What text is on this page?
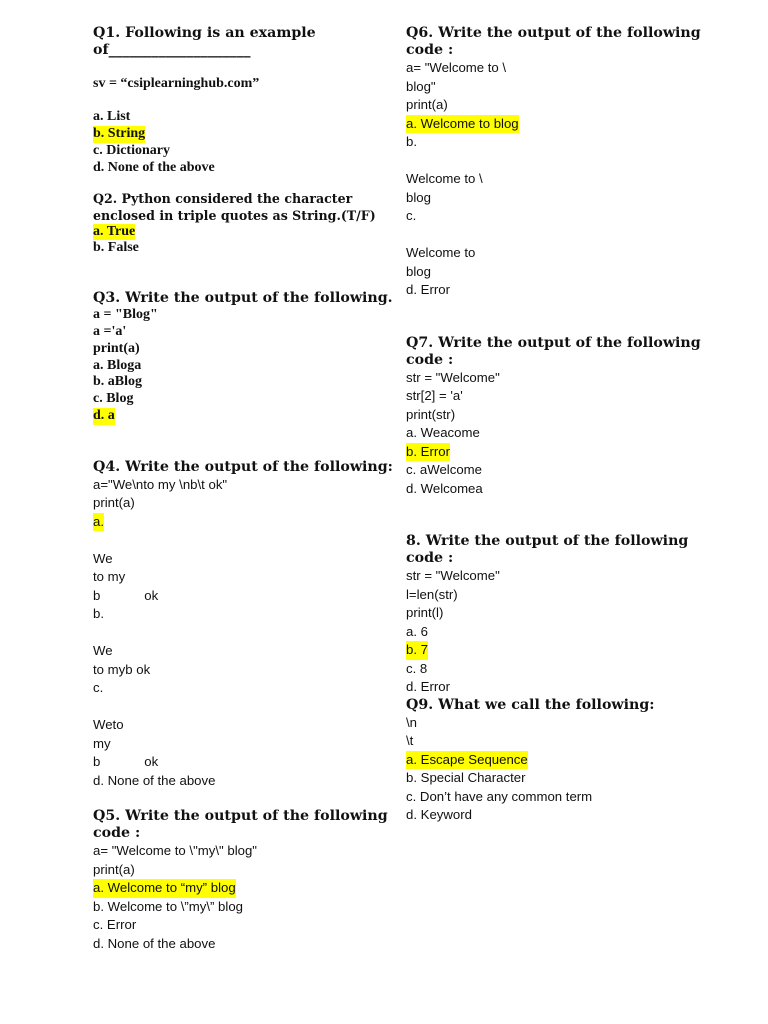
Q1. Following is an example
of____________________
sv = “csiplearninghub.com”
a. List
b. String
c. Dictionary
d. None of the above
Q2. Python considered the character
enclosed in triple quotes as String.(T/F)
a. True
b. False
Q3. Write the output of the following.
a = "Blog"
a ='a'
print(a)
a. Bloga
b. aBlog
c. Blog
d. a
Q4. Write the output of the following:
a="We\nto my \nb\t ok"
print(a)
a.
We
to my
b            ok
b.
We
to myb ok
c.
Weto
my
b            ok
d. None of the above
Q5. Write the output of the following
code :
a= "Welcome to \"my\" blog"
print(a)
a. Welcome to “my” blog
b. Welcome to \”my\” blog
c. Error
d. None of the above
Q6. Write the output of the following
code :
a= "Welcome to \
blog"
print(a)
a. Welcome to blog
b.
Welcome to \
blog
c.
Welcome to
blog
d. Error
Q7. Write the output of the following
code :
str = "Welcome"
str[2] = 'a'
print(str)
a. Weacome
b. Error
c. aWelcome
d. Welcomea
8. Write the output of the following
code :
str = "Welcome"
l=len(str)
print(l)
a. 6
b. 7
c. 8
d. Error
Q9. What we call the following:
\n
\t
a. Escape Sequence
b. Special Character
c. Don’t have any common term
d. Keyword
